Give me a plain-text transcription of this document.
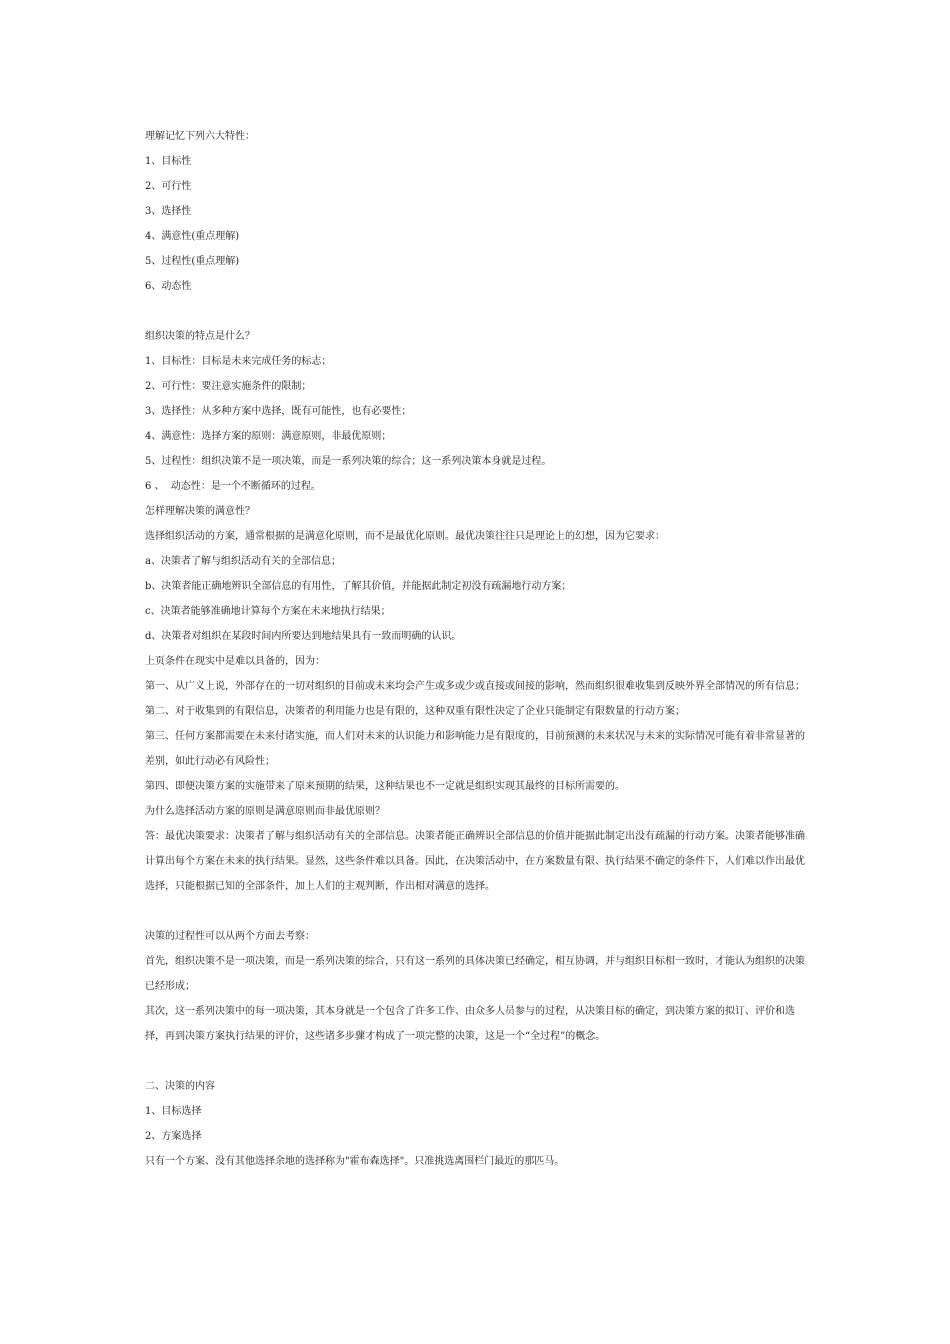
理解记忆下列六大特性：

1、目标性

2、可行性

3、选择性

4、满意性(重点理解)

5、过程性(重点理解)

6、动态性

组织决策的特点是什么？

1、目标性：目标是未来完成任务的标志；

2、可行性：要注意实施条件的限制；

3、选择性：从多种方案中选择，既有可能性，也有必要性；

4、满意性：选择方案的原则：满意原则，非最优原则；

5、过程性：组织决策不是一项决策，而是一系列决策的综合；这一系列决策本身就是过程。

6 、  动态性：是一个不断循环的过程。

怎样理解决策的满意性？

选择组织活动的方案，通常根据的是满意化原则，而不是最优化原则。最优决策往往只是理论上的幻想，因为它要求：

a、决策者了解与组织活动有关的全部信息；

b、决策者能正确地辨识全部信息的有用性，了解其价值，并能据此制定初没有疏漏地行动方案；

c、决策者能够准确地计算每个方案在未来地执行结果；

d、决策者对组织在某段时间内所要达到地结果具有一致而明确的认识。

上页条件在现实中是难以具备的，因为：

第一、从广义上说，外部存在的一切对组织的目前或未来均会产生或多或少或直接或间接的影响，然而组织很难收集到反映外界全部情况的所有信息；

第二、对于收集到的有限信息，决策者的利用能力也是有限的，这种双重有限性决定了企业只能制定有限数量的行动方案；

第三、任何方案都需要在未来付诸实施，而人们对未来的认识能力和影响能力是有限度的，目前预测的未来状况与未来的实际情况可能有着非常显著的差别，如此行动必有风险性；

第四、即便决策方案的实施带来了原来预期的结果，这种结果也不一定就是组织实现其最终的目标所需要的。

为什么选择活动方案的原则是满意原则而非最优原则？

答：最优决策要求：决策者了解与组织活动有关的全部信息。决策者能正确辨识全部信息的价值并能据此制定出没有疏漏的行动方案。决策者能够准确计算出每个方案在未来的执行结果。显然，这些条件难以具备。因此，在决策活动中，在方案数量有限、执行结果不确定的条件下，人们难以作出最优选择，只能根据已知的全部条件，加上人们的主观判断，作出相对满意的选择。

决策的过程性可以从两个方面去考察：

首先，组织决策不是一项决策，而是一系列决策的综合，只有这一系列的具体决策已经确定，相互协调，并与组织目标相一致时，才能认为组织的决策已经形成；

其次，这一系列决策中的每一项决策，其本身就是一个包含了许多工作、由众多人员参与的过程，从决策目标的确定，到决策方案的拟订、评价和选择，再到决策方案执行结果的评价，这些诸多步骤才构成了一项完整的决策，这是一个“全过程”的概念。

二、决策的内容

1、目标选择

2、方案选择

只有一个方案、没有其他选择余地的选择称为"霍布森选择"。只准挑选离围栏门最近的那匹马。
